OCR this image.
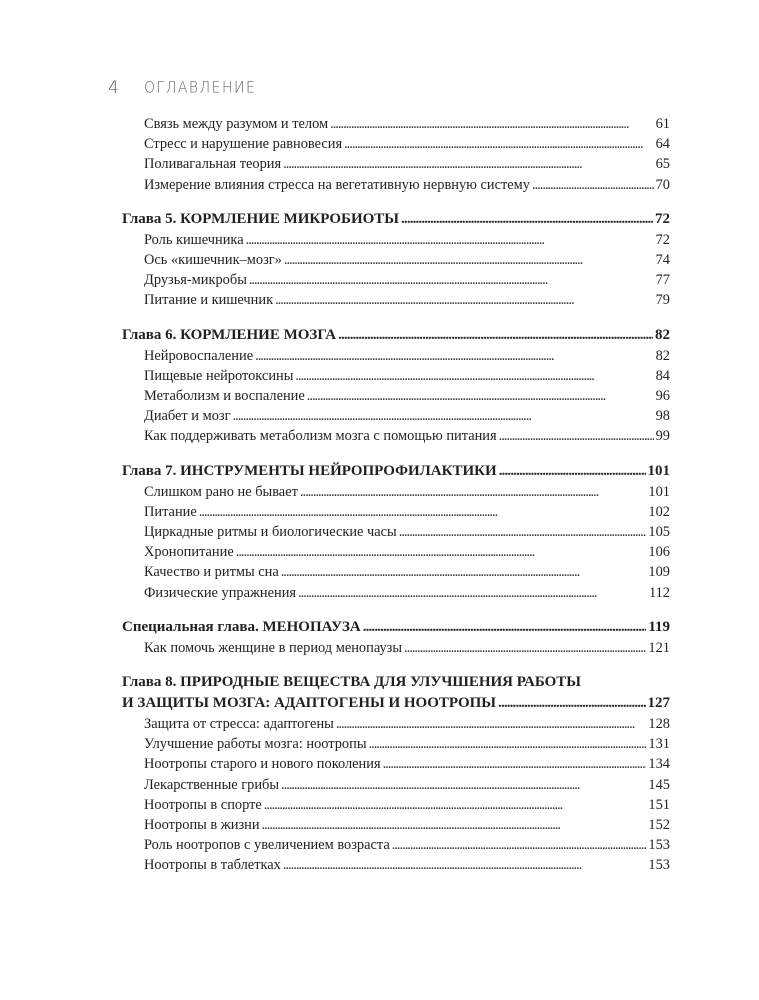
4	ОГЛАВЛЕНИЕ
Связь между разумом и телом . . .	61
Стресс и нарушение равновесия . . .	64
Поливагальная теория . . .	65
Измерение влияния стресса на вегетативную нервную систему . . .	70
Глава 5. КОРМЛЕНИЕ МИКРОБИОТЫ . . .	72
Роль кишечника . . .	72
Ось «кишечник–мозг» . . .	74
Друзья-микробы . . .	77
Питание и кишечник . . .	79
Глава 6. КОРМЛЕНИЕ МОЗГА . . .	82
Нейровоспаление . . .	82
Пищевые нейротоксины . . .	84
Метаболизм и воспаление . . .	96
Диабет и мозг . . .	98
Как поддерживать метаболизм мозга с помощью питания . . .	99
Глава 7. ИНСТРУМЕНТЫ НЕЙРОПРОФИЛАКТИКИ . . .	101
Слишком рано не бывает . . .	101
Питание . . .	102
Циркадные ритмы и биологические часы . . .	105
Хронопитание . . .	106
Качество и ритмы сна . . .	109
Физические упражнения . . .	112
Специальная глава. МЕНОПАУЗА . . .	119
Как помочь женщине в период менопаузы . . .	121
Глава 8. ПРИРОДНЫЕ ВЕЩЕСТВА ДЛЯ УЛУЧШЕНИЯ РАБОТЫ
И ЗАЩИТЫ МОЗГА: АДАПТОГЕНЫ И НООТРОПЫ . . .	127
Защита от стресса: адаптогены . . .	128
Улучшение работы мозга: ноотропы . . .	131
Ноотропы старого и нового поколения . . .	134
Лекарственные грибы . . .	145
Ноотропы в спорте . . .	151
Ноотропы в жизни . . .	152
Роль ноотропов с увеличением возраста . . .	153
Ноотропы в таблетках . . .	153
